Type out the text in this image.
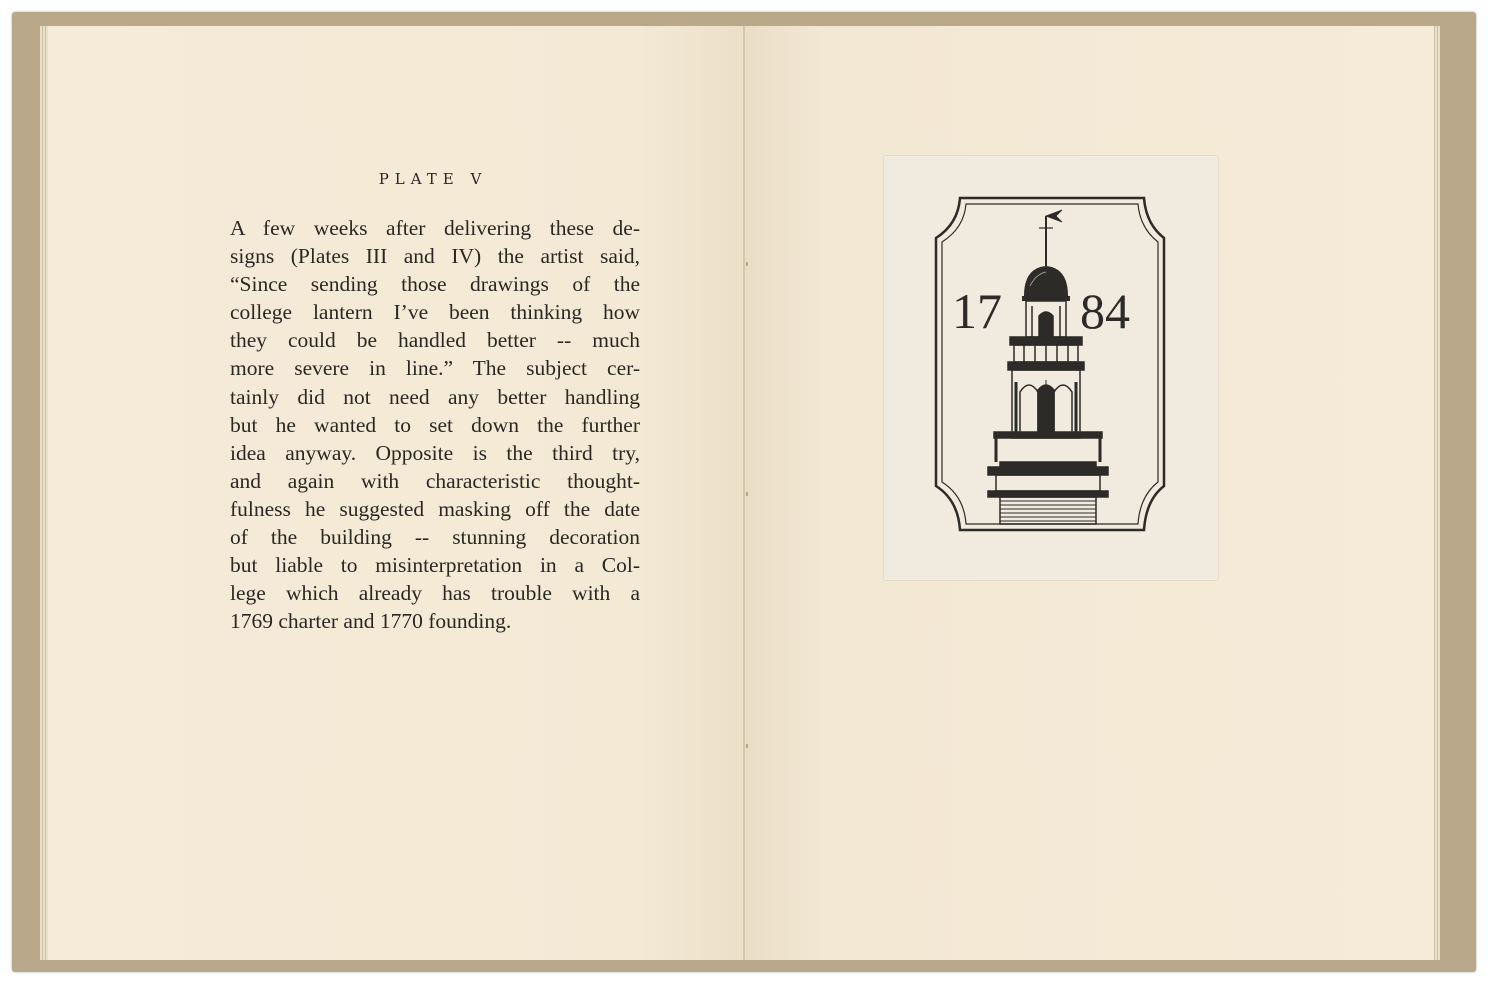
PLATE V
A few weeks after delivering these de-
signs (Plates III and IV) the artist said,
“Since sending those drawings of the
college lantern I’ve been thinking how
they could be handled better -- much
more severe in line.” The subject cer-
tainly did not need any better handling
but he wanted to set down the further
idea anyway. Opposite is the third try,
and again with characteristic thought-
fulness he suggested masking off the date
of the building -- stunning decoration
but liable to misinterpretation in a Col-
lege which already has trouble with a
1769 charter and 1770 founding.
17 84
